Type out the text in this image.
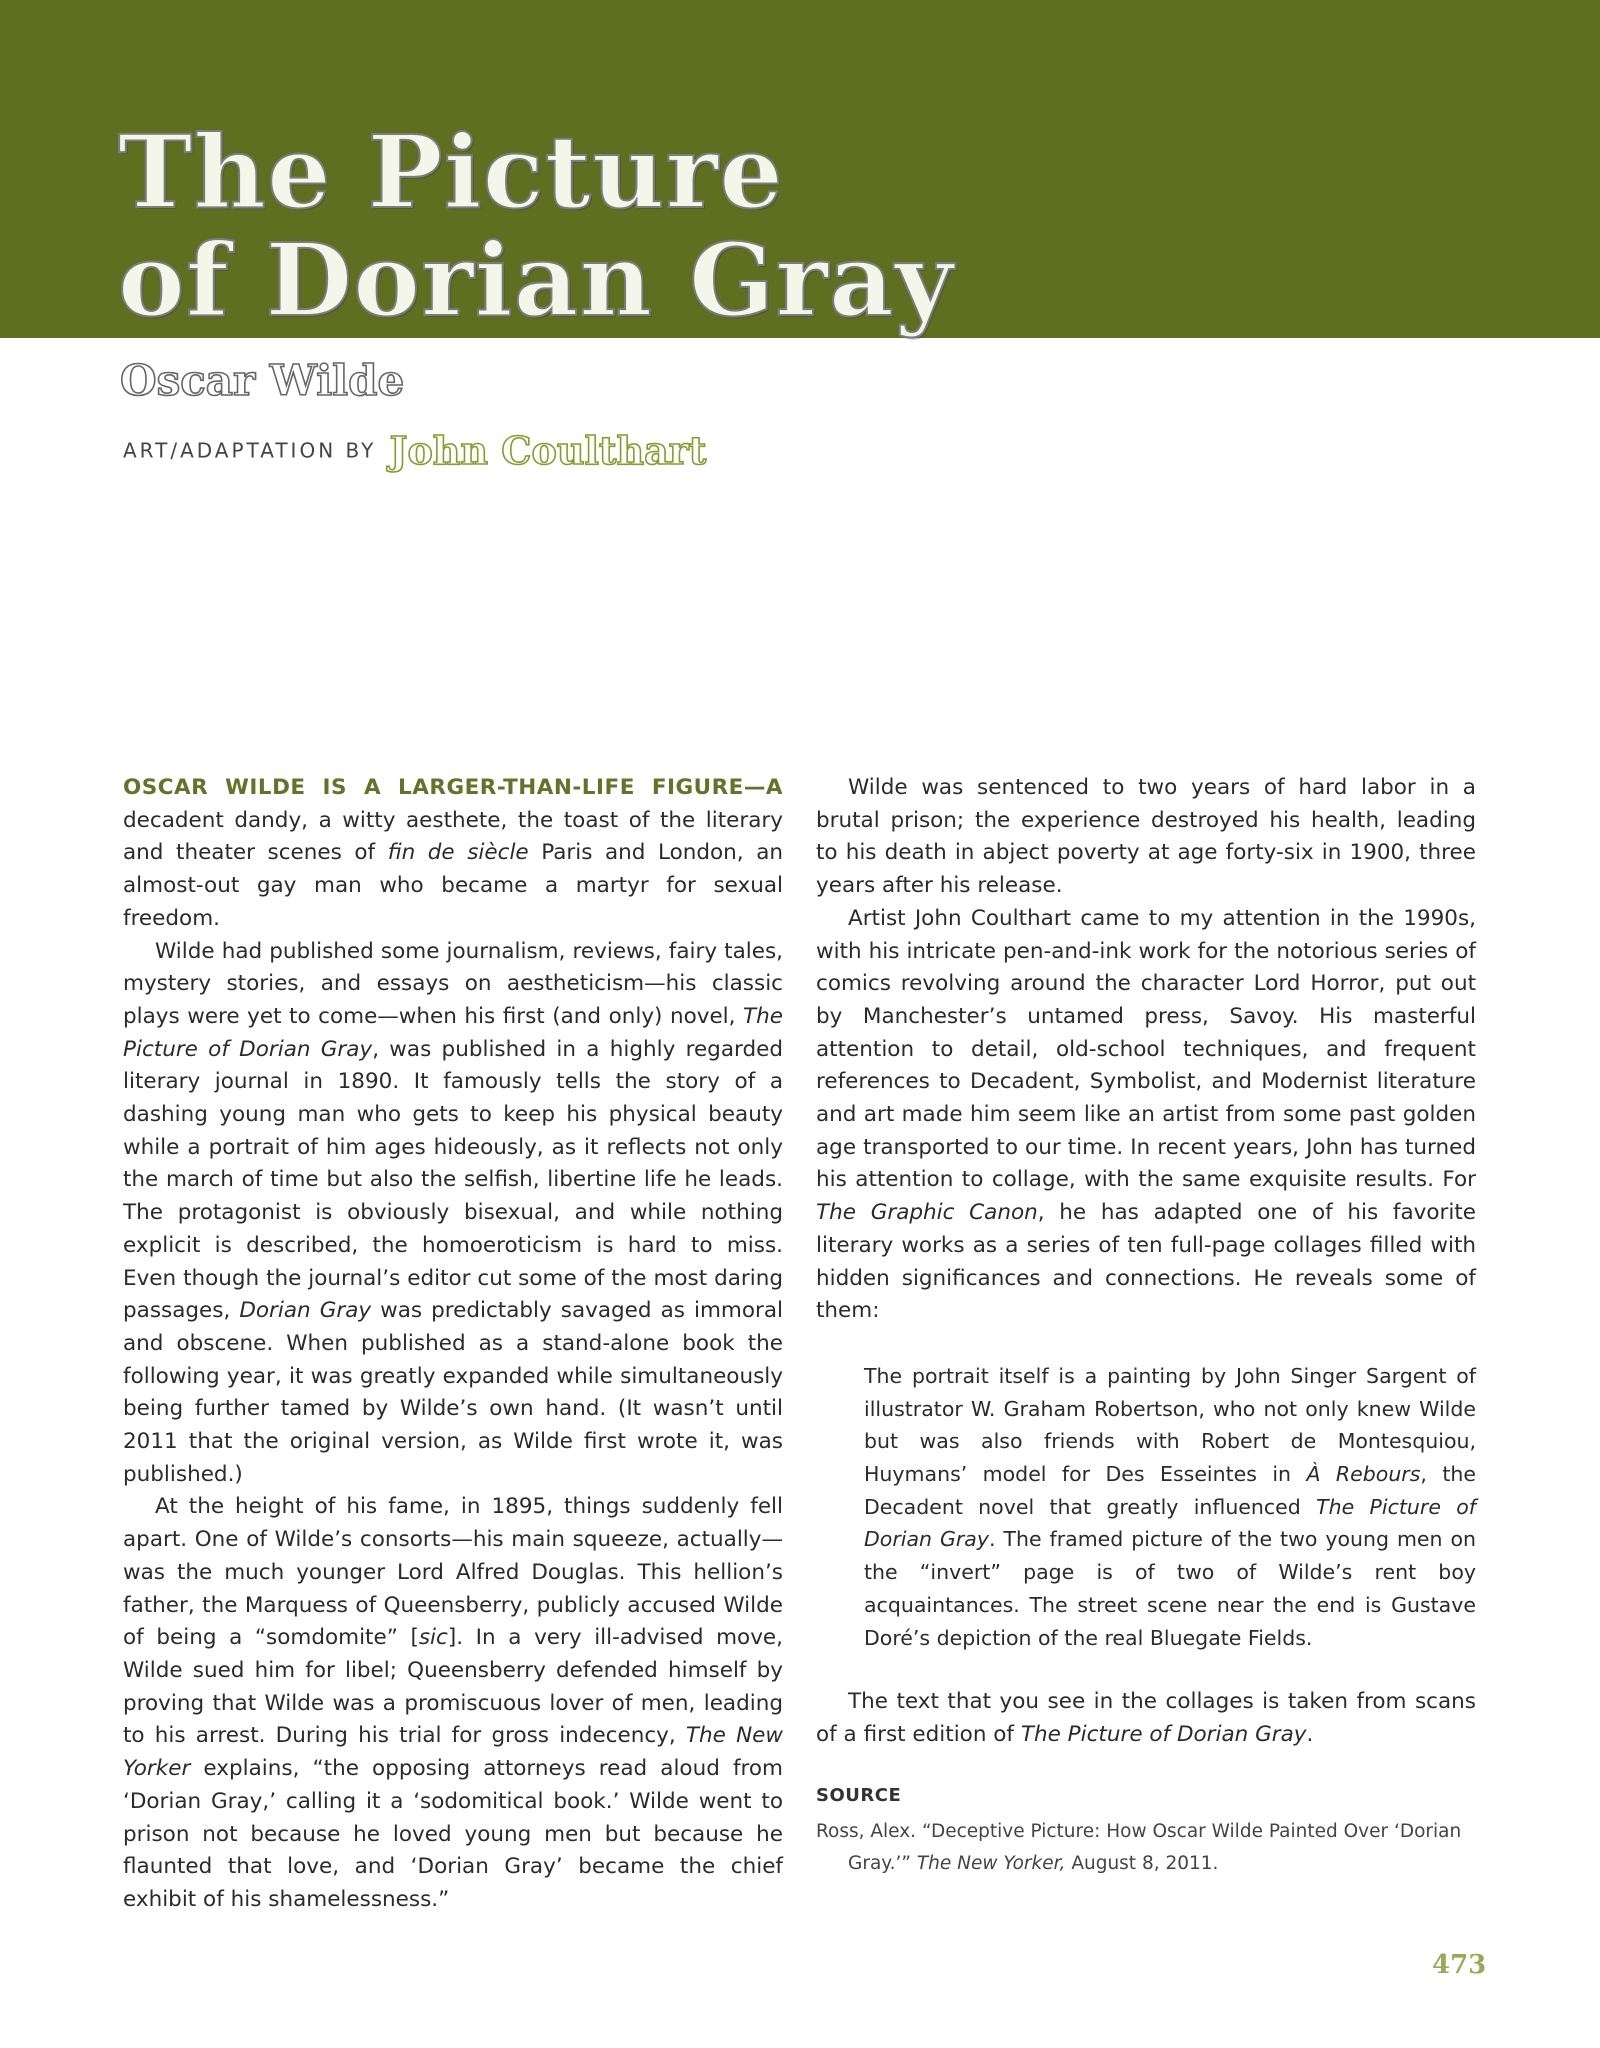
The Picture
of Dorian Gray
Oscar Wilde
ART/ADAPTATION BY John Coulthart

OSCAR WILDE IS A LARGER-THAN-LIFE FIGURE—A decadent dandy, a witty aesthete, the toast of the literary and theater scenes of fin de siècle Paris and London, an almost-out gay man who became a martyr for sexual freedom.

Wilde had published some journalism, reviews, fairy tales, mystery stories, and essays on aestheticism—his classic plays were yet to come—when his first (and only) novel, The Picture of Dorian Gray, was published in a highly regarded literary journal in 1890. It famously tells the story of a dashing young man who gets to keep his physical beauty while a portrait of him ages hideously, as it reflects not only the march of time but also the selfish, libertine life he leads. The protagonist is obviously bisexual, and while nothing explicit is described, the homoeroticism is hard to miss. Even though the journal’s editor cut some of the most daring passages, Dorian Gray was predictably savaged as immoral and obscene. When published as a stand-alone book the following year, it was greatly expanded while simultaneously being further tamed by Wilde’s own hand. (It wasn’t until 2011 that the original version, as Wilde first wrote it, was published.)

At the height of his fame, in 1895, things suddenly fell apart. One of Wilde’s consorts—his main squeeze, actually—was the much younger Lord Alfred Douglas. This hellion’s father, the Marquess of Queensberry, publicly accused Wilde of being a “somdomite” [sic]. In a very ill-advised move, Wilde sued him for libel; Queensberry defended himself by proving that Wilde was a promiscuous lover of men, leading to his arrest. During his trial for gross indecency, The New Yorker explains, “the opposing attorneys read aloud from ‘Dorian Gray,’ calling it a ‘sodomitical book.’ Wilde went to prison not because he loved young men but because he flaunted that love, and ‘Dorian Gray’ became the chief exhibit of his shamelessness.”

Wilde was sentenced to two years of hard labor in a brutal prison; the experience destroyed his health, leading to his death in abject poverty at age forty-six in 1900, three years after his release.

Artist John Coulthart came to my attention in the 1990s, with his intricate pen-and-ink work for the notorious series of comics revolving around the character Lord Horror, put out by Manchester’s untamed press, Savoy. His masterful attention to detail, old-school techniques, and frequent references to Decadent, Symbolist, and Modernist literature and art made him seem like an artist from some past golden age transported to our time. In recent years, John has turned his attention to collage, with the same exquisite results. For The Graphic Canon, he has adapted one of his favorite literary works as a series of ten full-page collages filled with hidden significances and connections. He reveals some of them:

The portrait itself is a painting by John Singer Sargent of illustrator W. Graham Robertson, who not only knew Wilde but was also friends with Robert de Montesquiou, Huymans’ model for Des Esseintes in À Rebours, the Decadent novel that greatly influenced The Picture of Dorian Gray. The framed picture of the two young men on the “invert” page is of two of Wilde’s rent boy acquaintances. The street scene near the end is Gustave Doré’s depiction of the real Bluegate Fields.

The text that you see in the collages is taken from scans of a first edition of The Picture of Dorian Gray.

SOURCE
Ross, Alex. “Deceptive Picture: How Oscar Wilde Painted Over ‘Dorian Gray.’” The New Yorker, August 8, 2011.
473
